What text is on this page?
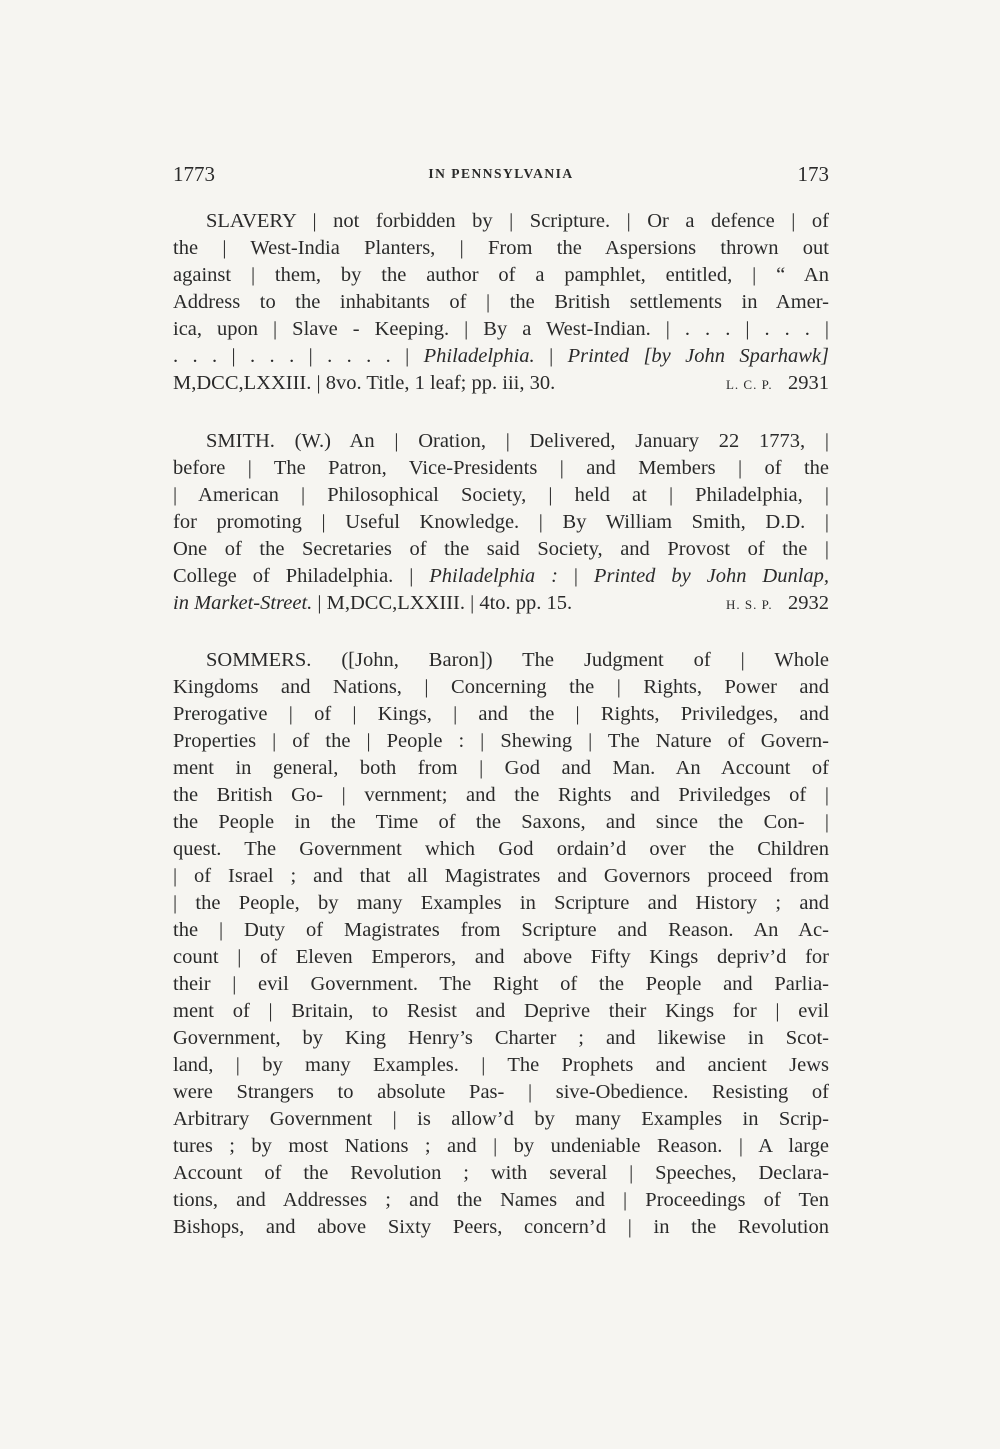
1773	IN PENNSYLVANIA	173
SLAVERY | not forbidden by | Scripture. | Or a defence | of
the | West-India Planters, | From the Aspersions thrown out
against | them, by the author of a pamphlet, entitled, | “ An
Address to the inhabitants of | the British settlements in Amer-
ica, upon | Slave - Keeping. | By a West-Indian. | . . . | . . . |
. . . | . . . | . . . . | Philadelphia. | Printed [by John Sparhawk]
M,DCC,LXXIII. | 8vo. Title, 1 leaf; pp. iii, 30.	L. C. P. 2931
SMITH. (W.) An | Oration, | Delivered, January 22 1773, |
before | The Patron, Vice-Presidents | and Members | of the
| American | Philosophical Society, | held at | Philadelphia, |
for promoting | Useful Knowledge. | By William Smith, D.D. |
One of the Secretaries of the said Society, and Provost of the |
College of Philadelphia. | Philadelphia : | Printed by John Dunlap,
in Market-Street. | M,DCC,LXXIII. | 4to. pp. 15.	H. S. P. 2932
SOMMERS. ([John, Baron]) The Judgment of | Whole
Kingdoms and Nations, | Concerning the | Rights, Power and
Prerogative | of | Kings, | and the | Rights, Priviledges, and
Properties | of the | People : | Shewing | The Nature of Govern-
ment in general, both from | God and Man. An Account of
the British Go- | vernment; and the Rights and Priviledges of |
the People in the Time of the Saxons, and since the Con- |
quest. The Government which God ordain’d over the Children
| of Israel ; and that all Magistrates and Governors proceed from
| the People, by many Examples in Scripture and History ; and
the | Duty of Magistrates from Scripture and Reason. An Ac-
count | of Eleven Emperors, and above Fifty Kings depriv’d for
their | evil Government. The Right of the People and Parlia-
ment of | Britain, to Resist and Deprive their Kings for | evil
Government, by King Henry’s Charter ; and likewise in Scot-
land, | by many Examples. | The Prophets and ancient Jews
were Strangers to absolute Pas- | sive-Obedience. Resisting of
Arbitrary Government | is allow’d by many Examples in Scrip-
tures ; by most Nations ; and | by undeniable Reason. | A large
Account of the Revolution ; with several | Speeches, Declara-
tions, and Addresses ; and the Names and | Proceedings of Ten
Bishops, and above Sixty Peers, concern’d | in the Revolution
